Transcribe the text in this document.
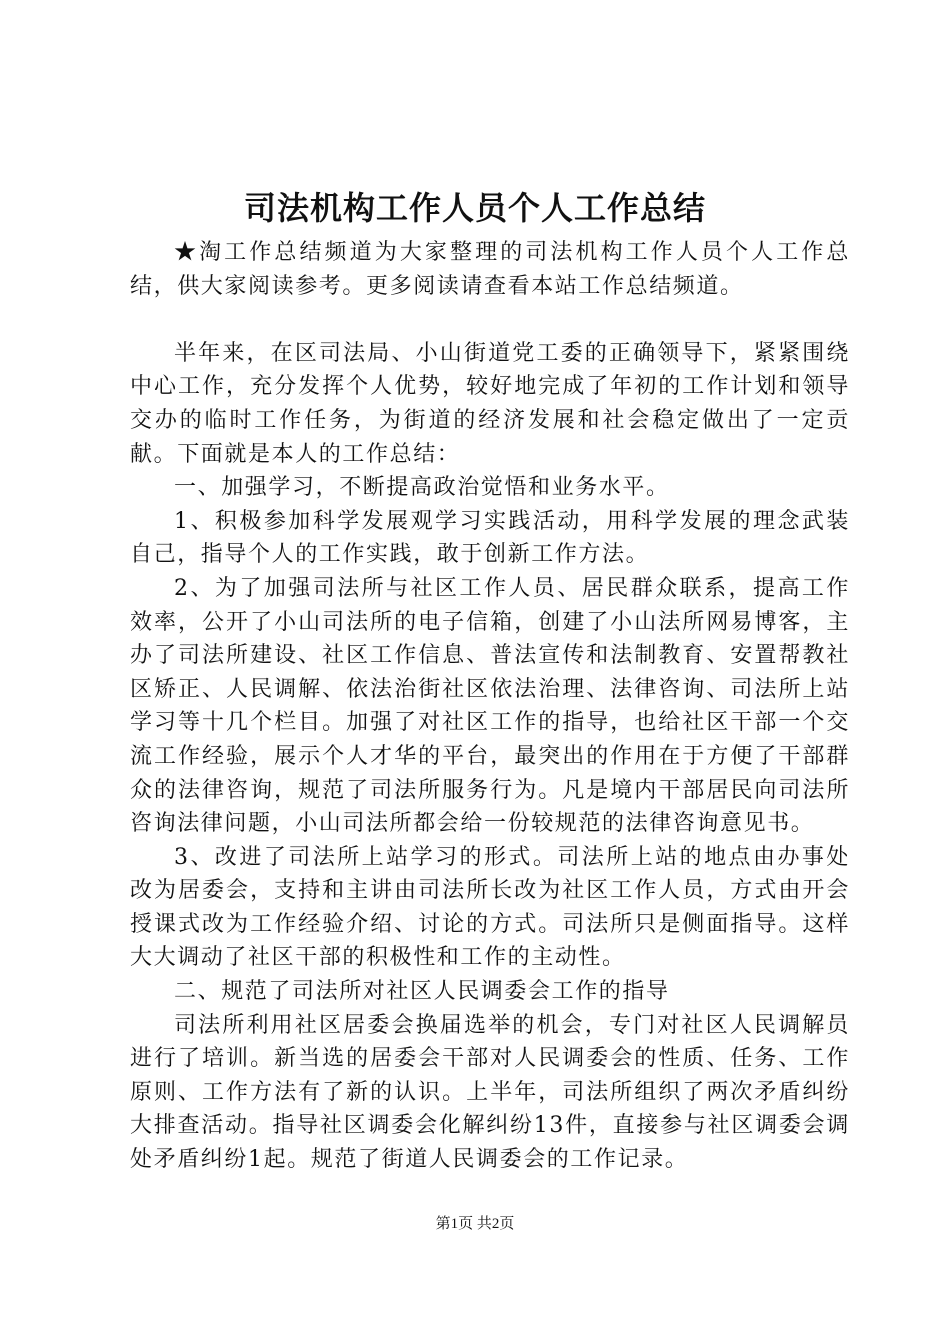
司法机构工作人员个人工作总结

★淘工作总结频道为大家整理的司法机构工作人员个人工作总结，供大家阅读参考。更多阅读请查看本站工作总结频道。

半年来，在区司法局、小山街道党工委的正确领导下，紧紧围绕中心工作，充分发挥个人优势，较好地完成了年初的工作计划和领导交办的临时工作任务，为街道的经济发展和社会稳定做出了一定贡献。下面就是本人的工作总结：

一、加强学习，不断提高政治觉悟和业务水平。

1、积极参加科学发展观学习实践活动，用科学发展的理念武装自己，指导个人的工作实践，敢于创新工作方法。

2、为了加强司法所与社区工作人员、居民群众联系，提高工作效率，公开了小山司法所的电子信箱，创建了小山法所网易博客，主办了司法所建设、社区工作信息、普法宣传和法制教育、安置帮教社区矫正、人民调解、依法治街社区依法治理、法律咨询、司法所上站学习等十几个栏目。加强了对社区工作的指导，也给社区干部一个交流工作经验，展示个人才华的平台，最突出的作用在于方便了干部群众的法律咨询，规范了司法所服务行为。凡是境内干部居民向司法所咨询法律问题，小山司法所都会给一份较规范的法律咨询意见书。

3、改进了司法所上站学习的形式。司法所上站的地点由办事处改为居委会，支持和主讲由司法所长改为社区工作人员，方式由开会授课式改为工作经验介绍、讨论的方式。司法所只是侧面指导。这样大大调动了社区干部的积极性和工作的主动性。

二、规范了司法所对社区人民调委会工作的指导

司法所利用社区居委会换届选举的机会，专门对社区人民调解员进行了培训。新当选的居委会干部对人民调委会的性质、任务、工作原则、工作方法有了新的认识。上半年，司法所组织了两次矛盾纠纷大排查活动。指导社区调委会化解纠纷13件，直接参与社区调委会调处矛盾纠纷1起。规范了街道人民调委会的工作记录。

第1页 共2页
